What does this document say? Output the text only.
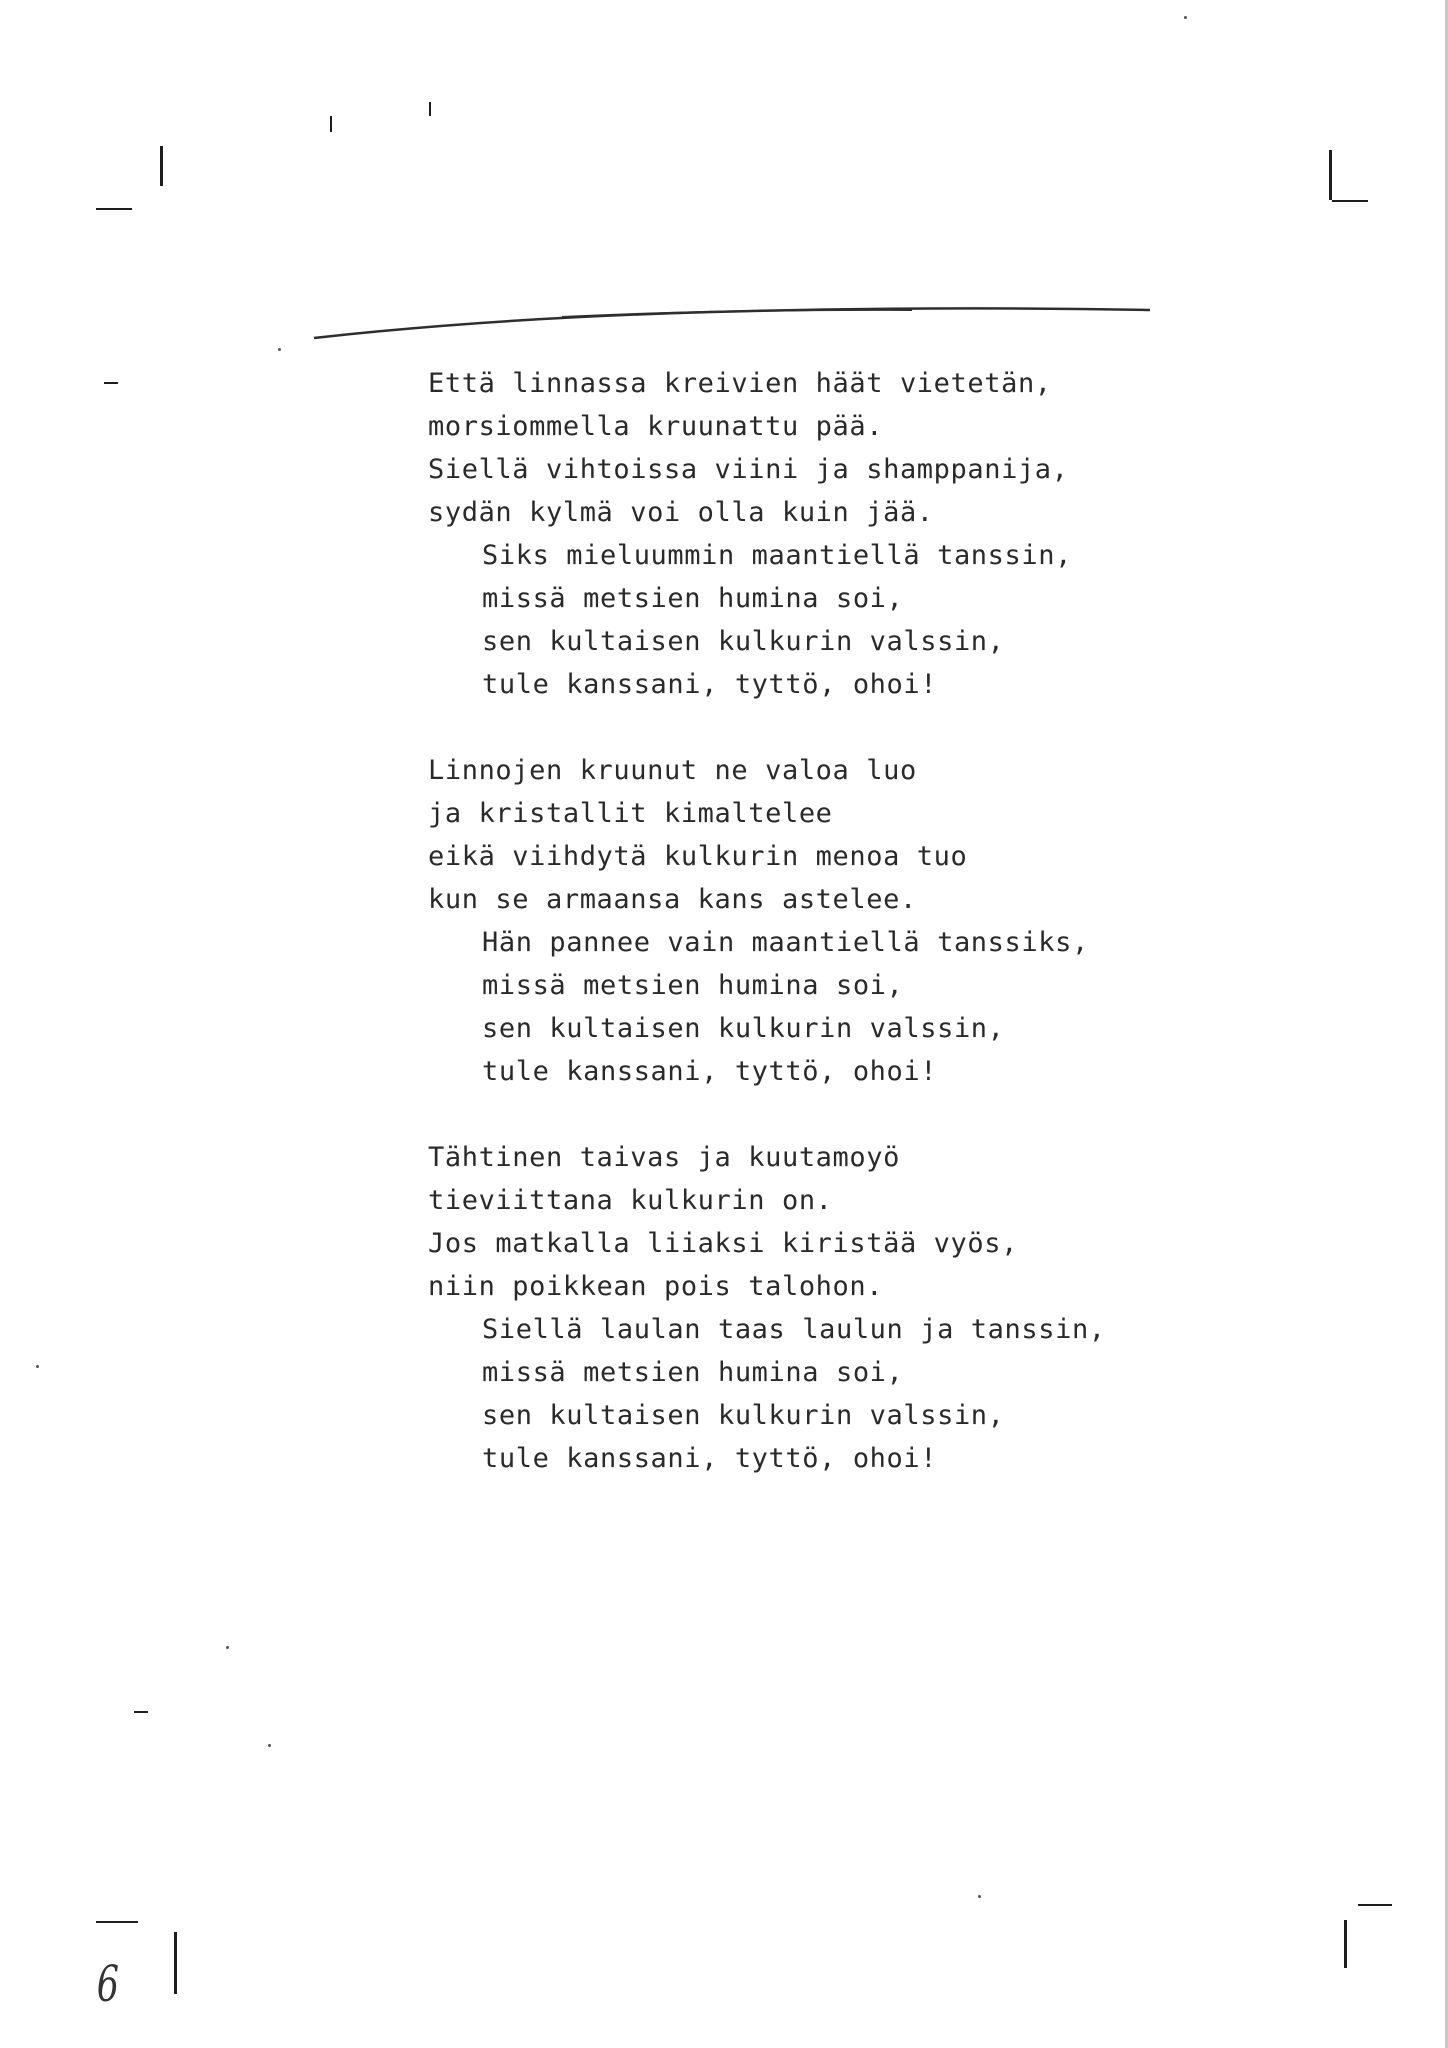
Että linnassa kreivien häät vietetän,
morsiommella kruunattu pää.
Siellä vihtoissa viini ja shamppanija,
sydän kylmä voi olla kuin jää.
Siks mieluummin maantiellä tanssin,
missä metsien humina soi,
sen kultaisen kulkurin valssin,
tule kanssani, tyttö, ohoi!
Linnojen kruunut ne valoa luo
ja kristallit kimaltelee
eikä viihdytä kulkurin menoa tuo
kun se armaansa kans astelee.
Hän pannee vain maantiellä tanssiks,
missä metsien humina soi,
sen kultaisen kulkurin valssin,
tule kanssani, tyttö, ohoi!
Tähtinen taivas ja kuutamoyö
tieviittana kulkurin on.
Jos matkalla liiaksi kiristää vyös,
niin poikkean pois talohon.
Siellä laulan taas laulun ja tanssin,
missä metsien humina soi,
sen kultaisen kulkurin valssin,
tule kanssani, tyttö, ohoi!
6
